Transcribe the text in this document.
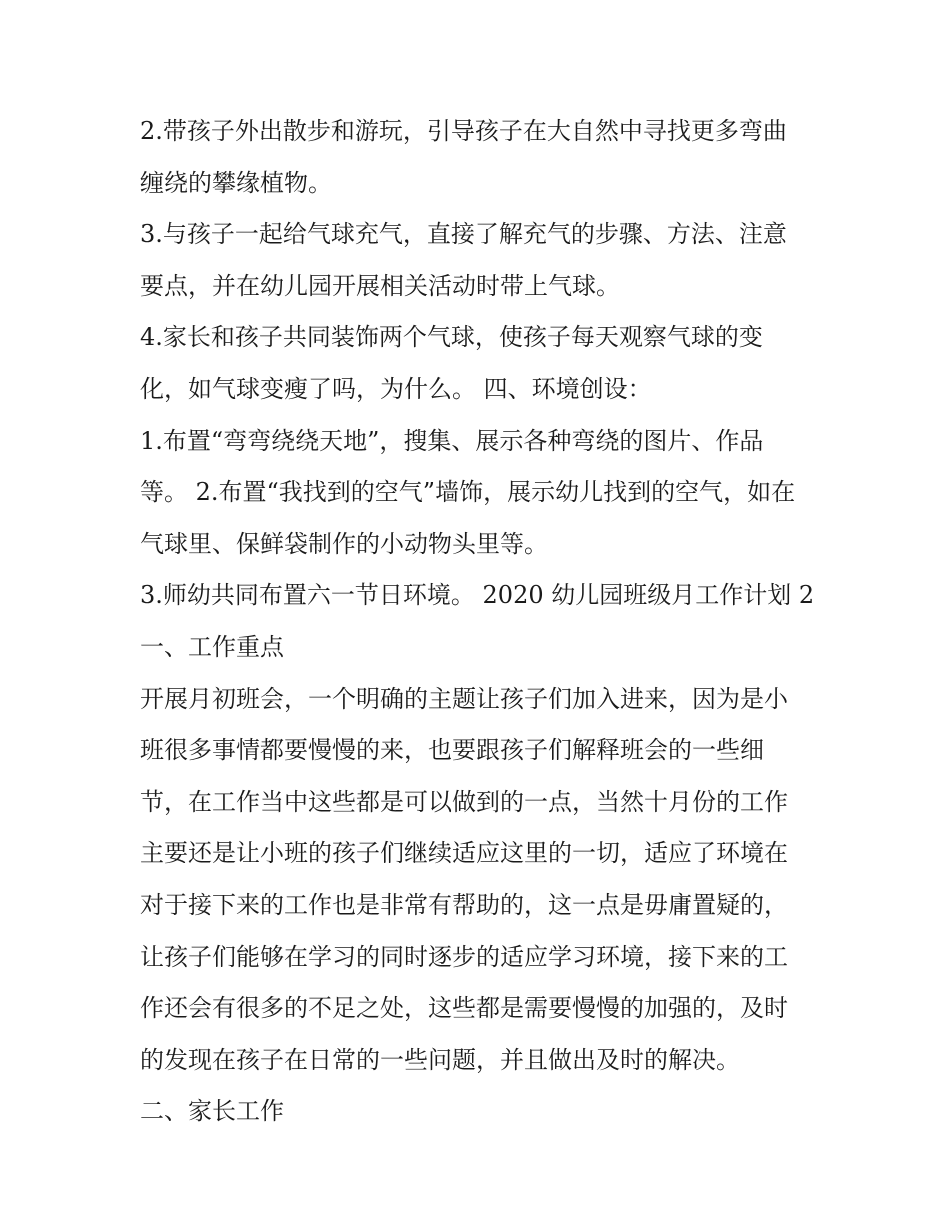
2.带孩子外出散步和游玩，引导孩子在大自然中寻找更多弯曲
缠绕的攀缘植物。
3.与孩子一起给气球充气，直接了解充气的步骤、方法、注意
要点，并在幼儿园开展相关活动时带上气球。
4.家长和孩子共同装饰两个气球，使孩子每天观察气球的变
化，如气球变瘦了吗，为什么。 四、环境创设：
1.布置“弯弯绕绕天地”，搜集、展示各种弯绕的图片、作品
等。 2.布置“我找到的空气”墙饰，展示幼儿找到的空气，如在
气球里、保鲜袋制作的小动物头里等。
3.师幼共同布置六一节日环境。 2020 幼儿园班级月工作计划 2
一、工作重点
开展月初班会，一个明确的主题让孩子们加入进来，因为是小
班很多事情都要慢慢的来，也要跟孩子们解释班会的一些细
节，在工作当中这些都是可以做到的一点，当然十月份的工作
主要还是让小班的孩子们继续适应这里的一切，适应了环境在
对于接下来的工作也是非常有帮助的，这一点是毋庸置疑的，
让孩子们能够在学习的同时逐步的适应学习环境，接下来的工
作还会有很多的不足之处，这些都是需要慢慢的加强的，及时
的发现在孩子在日常的一些问题，并且做出及时的解决。
二、家长工作
